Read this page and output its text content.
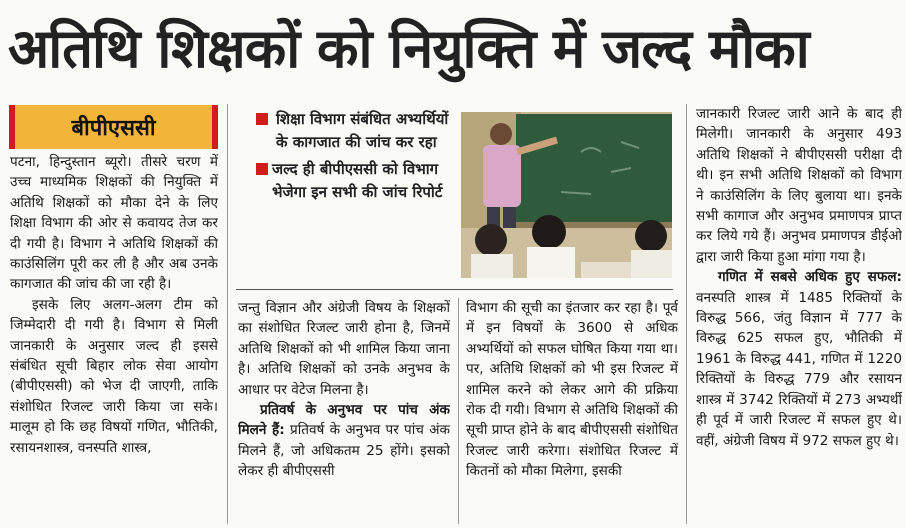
अतिथि शिक्षकों को नियुक्ति में जल्द मौका
बीपीएससी	शिक्षा विभाग संबंधित अभ्यर्थियों के कागजात की जांच कर रहा
जल्द ही बीपीएससी को विभाग भेजेगा इन सभी की जांच रिपोर्ट

पटना, हिन्दुस्तान ब्यूरो। तीसरे चरण में उच्च माध्यमिक शिक्षकों की नियुक्ति में अतिथि शिक्षकों को मौका देने के लिए शिक्षा विभाग की ओर से कवायद तेज कर दी गयी है। विभाग ने अतिथि शिक्षकों की काउंसिलिंग पूरी कर ली है और अब उनके कागजात की जांच की जा रही है।

इसके लिए अलग-अलग टीम को जिम्मेदारी दी गयी है। विभाग से मिली जानकारी के अनुसार जल्द ही इससे संबंधित सूची बिहार लोक सेवा आयोग (बीपीएससी) को भेज दी जाएगी, ताकि संशोधित रिजल्ट जारी किया जा सके। मालूम हो कि छह विषयों गणित, भौतिकी, रसायनशास्त्र, वनस्पति शास्त्र,

जन्तु विज्ञान और अंग्रेजी विषय के शिक्षकों का संशोधित रिजल्ट जारी होना है, जिनमें अतिथि शिक्षकों को भी शामिल किया जाना है। अतिथि शिक्षकों को उनके अनुभव के आधार पर वेटेज मिलना है।

प्रतिवर्ष के अनुभव पर पांच अंक मिलने हैं: प्रतिवर्ष के अनुभव पर पांच अंक मिलने हैं, जो अधिकतम 25 होंगे। इसको लेकर ही बीपीएससी

विभाग की सूची का इंतजार कर रहा है। पूर्व में इन विषयों के 3600 से अधिक अभ्यर्थियों को सफल घोषित किया गया था। पर, अतिथि शिक्षकों को भी इस रिजल्ट में शामिल करने को लेकर आगे की प्रक्रिया रोक दी गयी। विभाग से अतिथि शिक्षकों की सूची प्राप्त होने के बाद बीपीएससी संशोधित रिजल्ट जारी करेगा। संशोधित रिजल्ट में कितनों को मौका मिलेगा, इसकी

जानकारी रिजल्ट जारी आने के बाद ही मिलेगी। जानकारी के अनुसार 493 अतिथि शिक्षकों ने बीपीएससी परीक्षा दी थी। इन सभी अतिथि शिक्षकों को विभाग ने काउंसिलिंग के लिए बुलाया था। इनके सभी कागाज और अनुभव प्रमाणपत्र प्राप्त कर लिये गये हैं। अनुभव प्रमाणपत्र डीईओ द्वारा जारी किया हुआ मांगा गया है।

गणित में सबसे अधिक हुए सफल: वनस्पति शास्त्र में 1485 रिक्तियों के विरुद्ध 566, जंतु विज्ञान में 777 के विरुद्ध 625 सफल हुए, भौतिकी में 1961 के विरुद्ध 441, गणित में 1220 रिक्तियों के विरुद्ध 779 और रसायन शास्त्र में 3742 रिक्तियों में 273 अभ्यर्थी ही पूर्व में जारी रिजल्ट में सफल हुए थे। वहीं, अंग्रेजी विषय में 972 सफल हुए थे।
